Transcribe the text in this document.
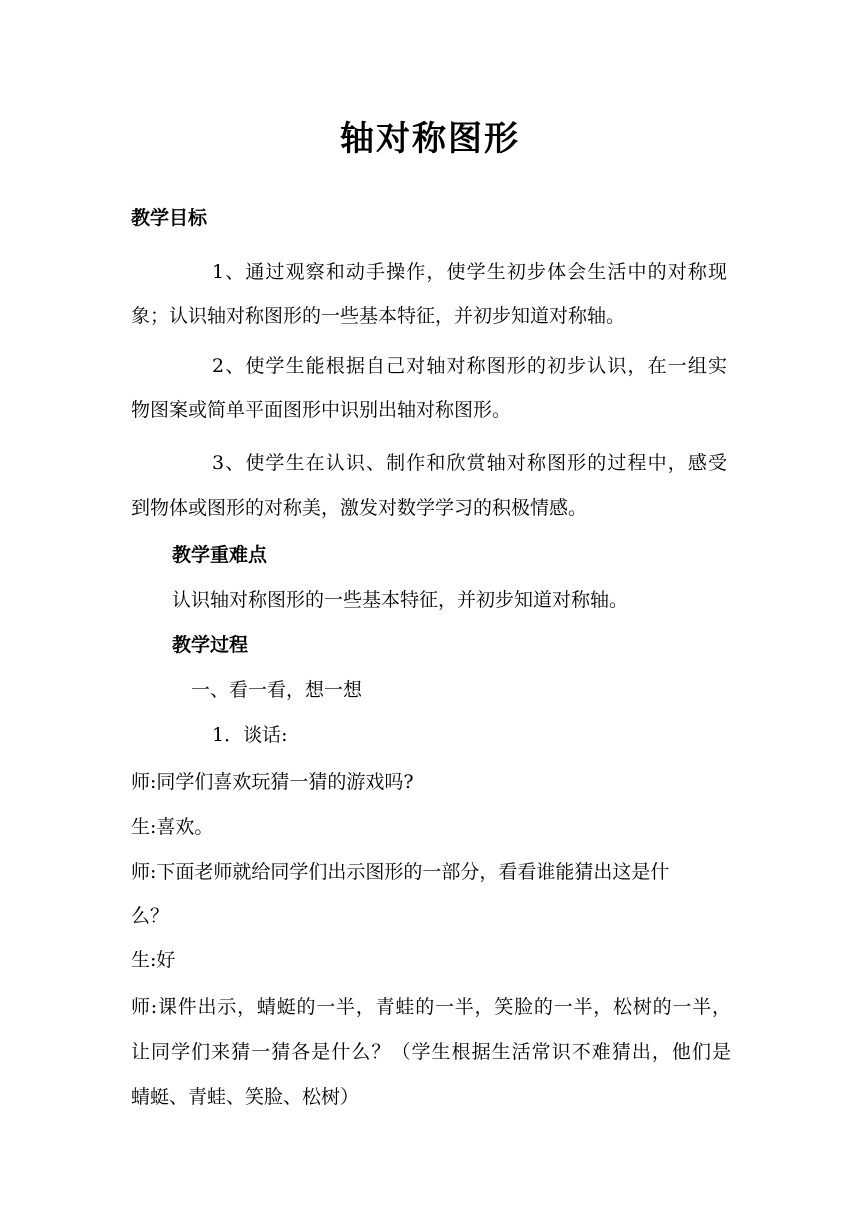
轴对称图形
教学目标
1、通过观察和动手操作，使学生初步体会生活中的对称现
象；认识轴对称图形的一些基本特征，并初步知道对称轴。
2、使学生能根据自己对轴对称图形的初步认识，在一组实
物图案或简单平面图形中识别出轴对称图形。
3、使学生在认识、制作和欣赏轴对称图形的过程中，感受
到物体或图形的对称美，激发对数学学习的积极情感。
教学重难点
认识轴对称图形的一些基本特征，并初步知道对称轴。
教学过程
一、看一看，想一想
1．谈话:
师:同学们喜欢玩猜一猜的游戏吗?
生:喜欢。
师:下面老师就给同学们出示图形的一部分，看看谁能猜出这是什
么？
生:好
师:课件出示，蜻蜓的一半，青蛙的一半，笑脸的一半，松树的一半，
让同学们来猜一猜各是什么？（学生根据生活常识不难猜出，他们是
蜻蜓、青蛙、笑脸、松树）
